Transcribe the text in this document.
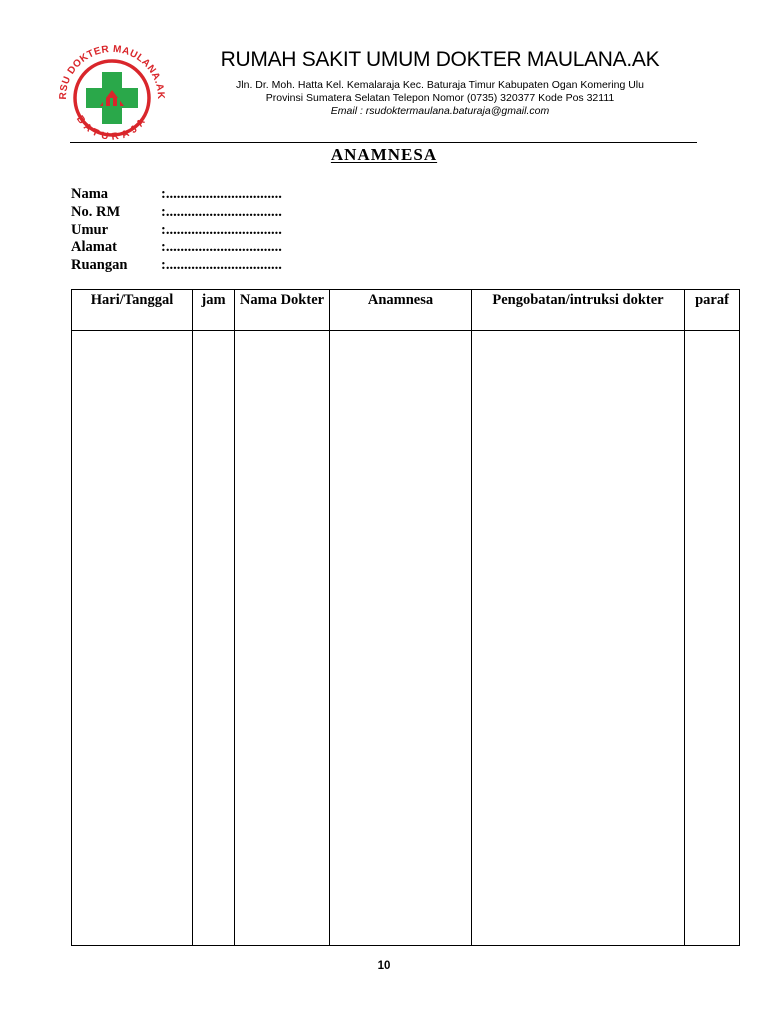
RSU DOKTER MAULANA.AK
BATURAJA
RUMAH SAKIT UMUM DOKTER MAULANA.AK
Jln. Dr. Moh. Hatta Kel. Kemalaraja Kec. Baturaja Timur Kabupaten Ogan Komering Ulu
Provinsi Sumatera Selatan Telepon Nomor (0735) 320377 Kode Pos 32111
Email : rsudoktermaulana.baturaja@gmail.com
ANAMNESA
Nama	:................................
No. RM	:................................
Umur	:................................
Alamat	:................................
Ruangan :................................
Hari/Tanggal	jam	Nama Dokter	Anamnesa	Pengobatan/intruksi dokter	paraf

10
